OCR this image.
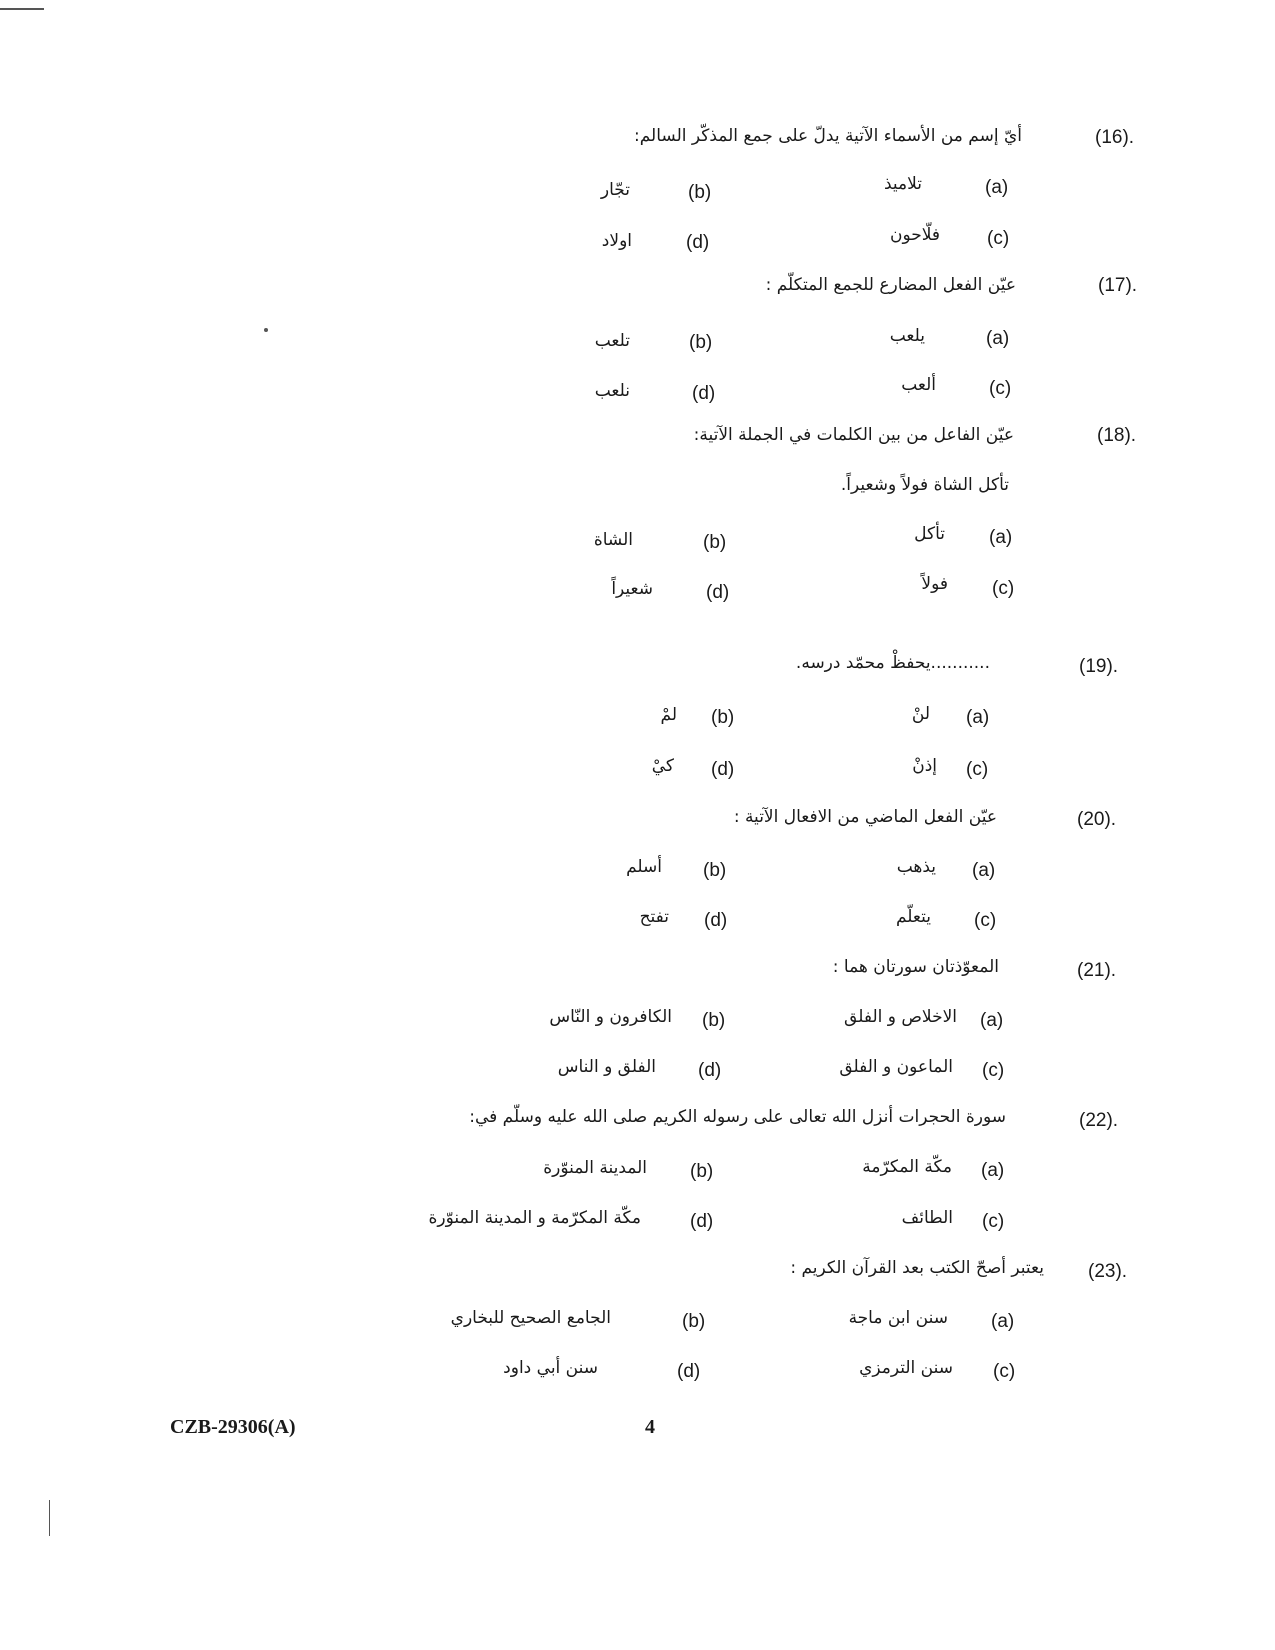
(16).
أيّ إسم من الأسماء الآتية يدلّ على جمع المذكّر السالم:
(a)
تلاميذ
(b)
تجّار
(c)
فلّاحون
(d)
اولاد
(17).
عيّن الفعل المضارع للجمع المتكلّم :
(a)
يلعب
(b)
تلعب
(c)
ألعب
(d)
نلعب
(18).
عيّن الفاعل من بين الكلمات في الجملة الآتية:
تأكل الشاة فولاً وشعيراً.
(a)
تأكل
(b)
الشاة
(c)
فولاً
(d)
شعيراً
(19).
...........يحفظْ محمّد درسه.
(a)
لنْ
(b)
لمْ
(c)
إذنْ
(d)
كيْ
(20).
عيّن الفعل الماضي من الافعال الآتية :
(a)
يذهب
(b)
أسلم
(c)
يتعلّم
(d)
تفتح
(21).
المعوّذتان سورتان هما :
(a)
الاخلاص و الفلق
(b)
الكافرون و النّاس
(c)
الماعون و الفلق
(d)
الفلق و الناس
(22).
سورة الحجرات أنزل الله تعالى على رسوله الكريم صلى الله عليه وسلّم في:
(a)
مكّة المكرّمة
(b)
المدينة المنوّرة
(c)
الطائف
(d)
مكّة المكرّمة و المدينة المنوّرة
(23).
يعتبر أصحّ الكتب بعد القرآن الكريم :
(a)
سنن ابن ماجة
(b)
الجامع الصحيح للبخاري
(c)
سنن الترمزي
(d)
سنن أبي داود
CZB-29306(A)	4
